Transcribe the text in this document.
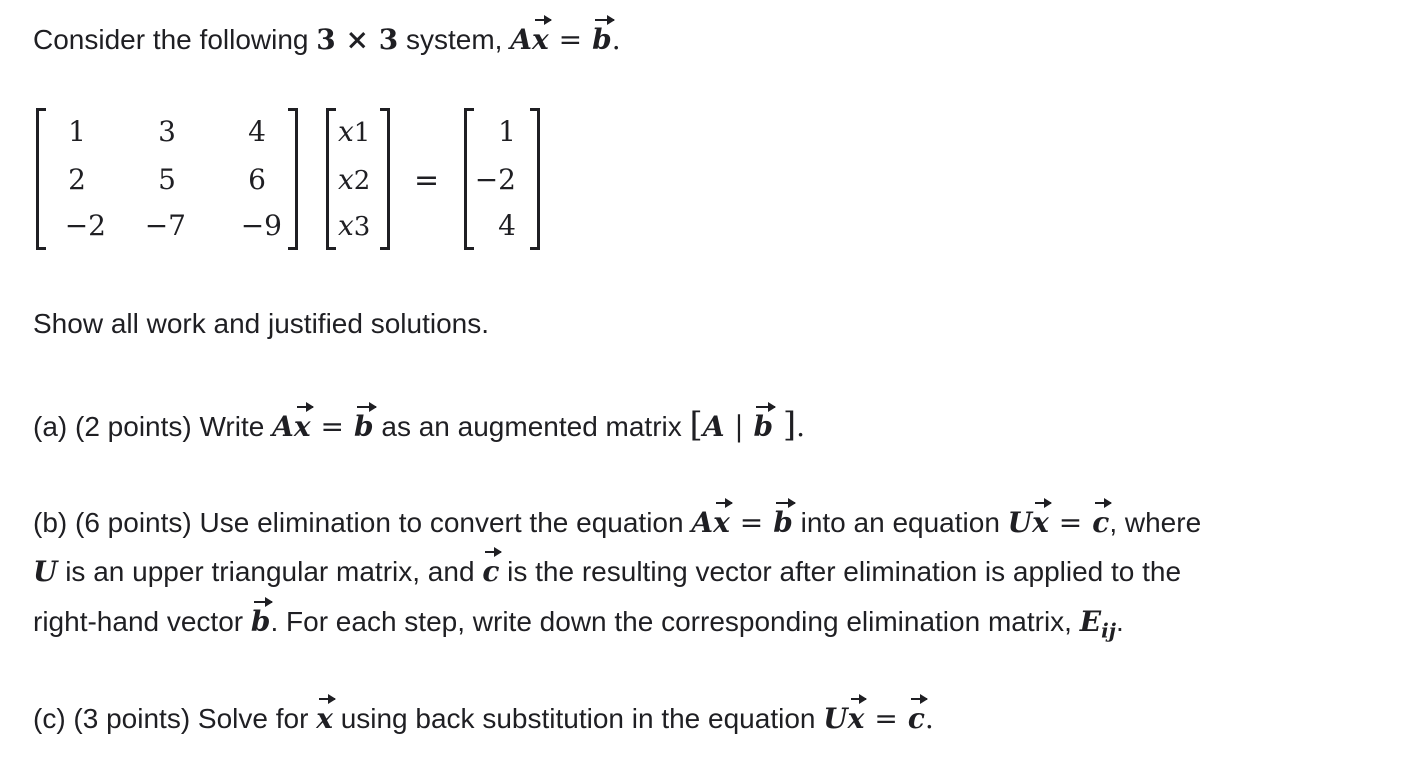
Consider the following 3 × 3 system, Ax = b.
1	3	4
2	5	6
−2	−7	−9
x1
x2
x3
=
1
−2
4
Show all work and justified solutions.
(a) (2 points) Write Ax = b as an augmented matrix [A | b ].
(b) (6 points) Use elimination to convert the equation Ax = b into an equation Ux = c, where
U is an upper triangular matrix, and c is the resulting vector after elimination is applied to the
right-hand vector b. For each step, write down the corresponding elimination matrix, $E_{ij}$.
(c) (3 points) Solve for x using back substitution in the equation Ux = c.
